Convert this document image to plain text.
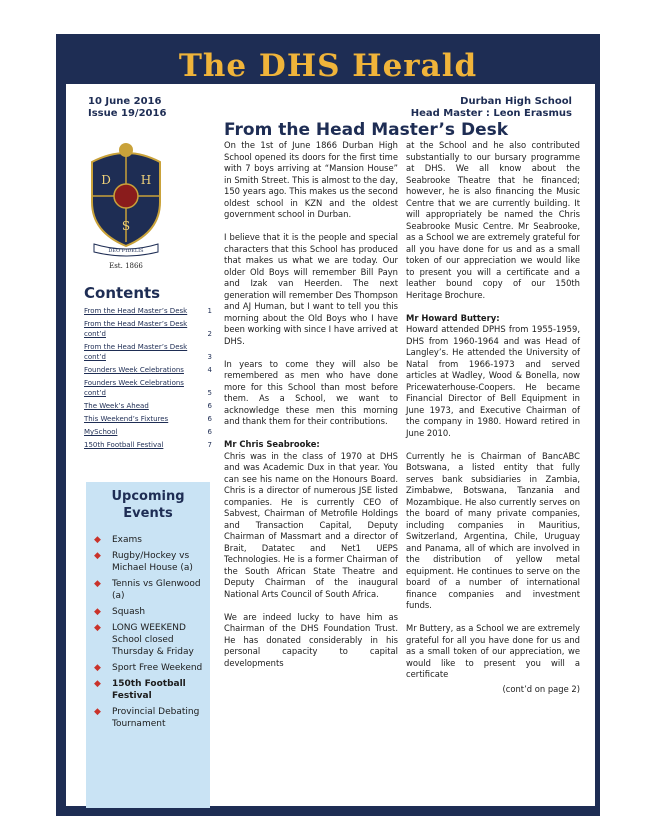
The DHS Herald
10 June 2016
Issue 19/2016
Durban High School
Head Master : Leon Erasmus
From the Head Master’s Desk
D H
S
DEO FIDELIS
Est. 1866
Contents
From the Head Master’s Desk	1
From the Head Master’s Desk cont’d	2
From the Head Master’s Desk cont’d	3
Founders Week Celebrations	4
Founders Week Celebrations cont’d	5
The Week’s Ahead	6
This Weekend’s Fixtures	6
MySchool	6
150th Football Festival	7
Upcoming Events
◆ Exams
◆ Rugby/Hockey vs Michael House (a)
◆ Tennis vs Glenwood (a)
◆ Squash
◆ LONG WEEKEND School closed Thursday & Friday
◆ Sport Free Weekend
◆ 150th Football Festival
◆ Provincial Debating Tournament

On the 1st of June 1866 Durban High School opened its doors for the first time with 7 boys arriving at “Mansion House” in Smith Street. This is almost to the day, 150 years ago. This makes us the second oldest school in KZN and the oldest government school in Durban.

I believe that it is the people and special characters that this School has produced that makes us what we are today. Our older Old Boys will remember Bill Payn and Izak van Heerden. The next generation will remember Des Thompson and AJ Human, but I want to tell you this morning about the Old Boys who I have been working with since I have arrived at DHS.

In years to come they will also be remembered as men who have done more for this School than most before them. As a School, we want to acknowledge these men this morning and thank them for their contributions.

Mr Chris Seabrooke:

Chris was in the class of 1970 at DHS and was Academic Dux in that year. You can see his name on the Honours Board. Chris is a director of numerous JSE listed companies. He is currently CEO of Sabvest, Chairman of Metrofile Holdings and Transaction Capital, Deputy Chairman of Massmart and a director of Brait, Datatec and Net1 UEPS Technologies. He is a former Chairman of the South African State Theatre and Deputy Chairman of the inaugural National Arts Council of South Africa.

We are indeed lucky to have him as Chairman of the DHS Foundation Trust. He has donated considerably in his personal capacity to capital developments

at the School and he also contributed substantially to our bursary programme at DHS. We all know about the Seabrooke Theatre that he financed; however, he is also financing the Music Centre that we are currently building. It will appropriately be named the Chris Seabrooke Music Centre. Mr Seabrooke, as a School we are extremely grateful for all you have done for us and as a small token of our appreciation we would like to present you will a certificate and a leather bound copy of our 150th Heritage Brochure.

Mr Howard Buttery:

Howard attended DPHS from 1955-1959, DHS from 1960-1964 and was Head of Langley’s. He attended the University of Natal from 1966-1973 and served articles at Wadley, Wood & Bonella, now Pricewaterhouse-Coopers. He became Financial Director of Bell Equipment in June 1973, and Executive Chairman of the company in 1980. Howard retired in June 2010.

Currently he is Chairman of BancABC Botswana, a listed entity that fully serves bank subsidiaries in Zambia, Zimbabwe, Botswana, Tanzania and Mozambique. He also currently serves on the board of many private companies, including companies in Mauritius, Switzerland, Argentina, Chile, Uruguay and Panama, all of which are involved in the distribution of yellow metal equipment. He continues to serve on the board of a number of international finance companies and investment funds.

Mr Buttery, as a School we are extremely grateful for all you have done for us and as a small token of our appreciation, we would like to present you will a certificate

(cont’d on page 2)
